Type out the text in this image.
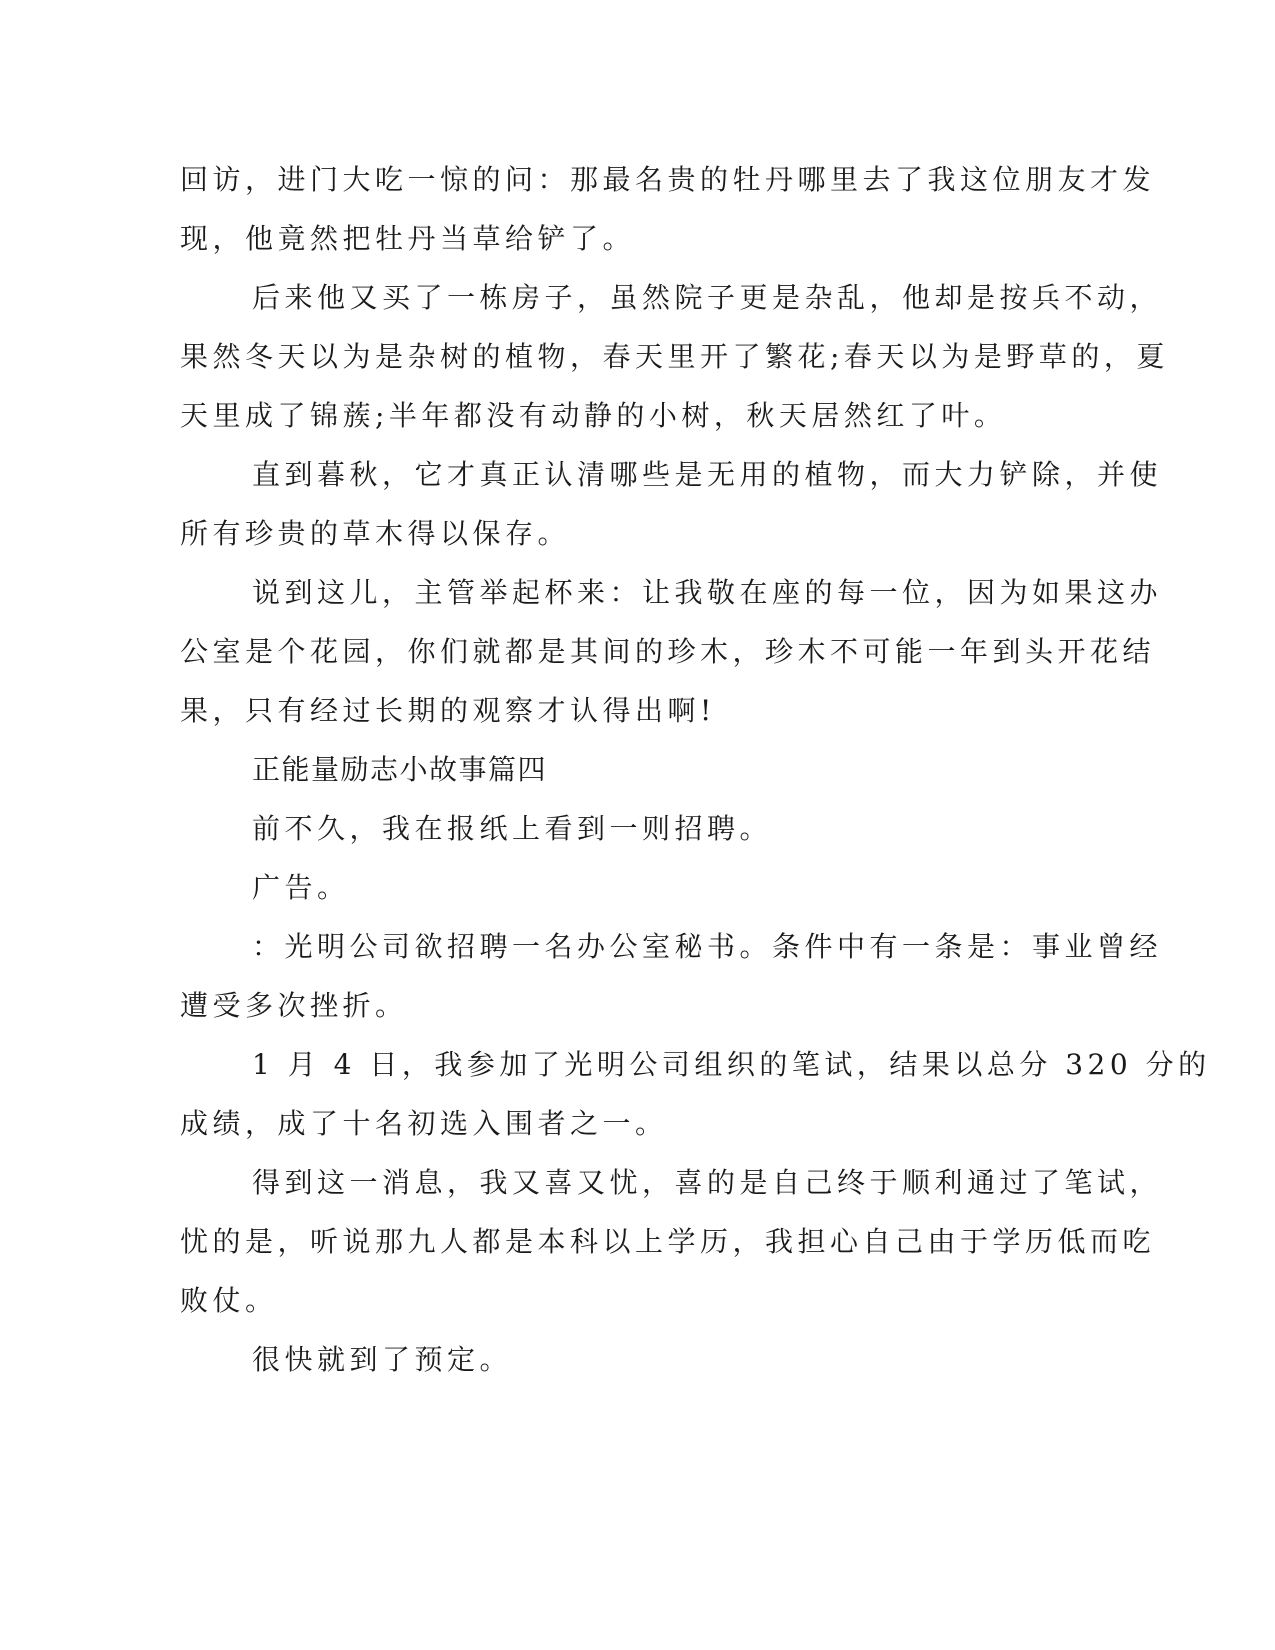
回访，进门大吃一惊的问：那最名贵的牡丹哪里去了我这位朋友才发

现，他竟然把牡丹当草给铲了。

后来他又买了一栋房子，虽然院子更是杂乱，他却是按兵不动，

果然冬天以为是杂树的植物，春天里开了繁花;春天以为是野草的，夏

天里成了锦蔟;半年都没有动静的小树，秋天居然红了叶。

直到暮秋，它才真正认清哪些是无用的植物，而大力铲除，并使

所有珍贵的草木得以保存。

说到这儿，主管举起杯来：让我敬在座的每一位，因为如果这办

公室是个花园，你们就都是其间的珍木，珍木不可能一年到头开花结

果，只有经过长期的观察才认得出啊!

正能量励志小故事篇四

前不久，我在报纸上看到一则招聘。

广告。

：光明公司欲招聘一名办公室秘书。条件中有一条是：事业曾经

遭受多次挫折。

1 月 4 日，我参加了光明公司组织的笔试，结果以总分 320 分的

成绩，成了十名初选入围者之一。

得到这一消息，我又喜又忧，喜的是自己终于顺利通过了笔试，

忧的是，听说那九人都是本科以上学历，我担心自己由于学历低而吃

败仗。

很快就到了预定。
